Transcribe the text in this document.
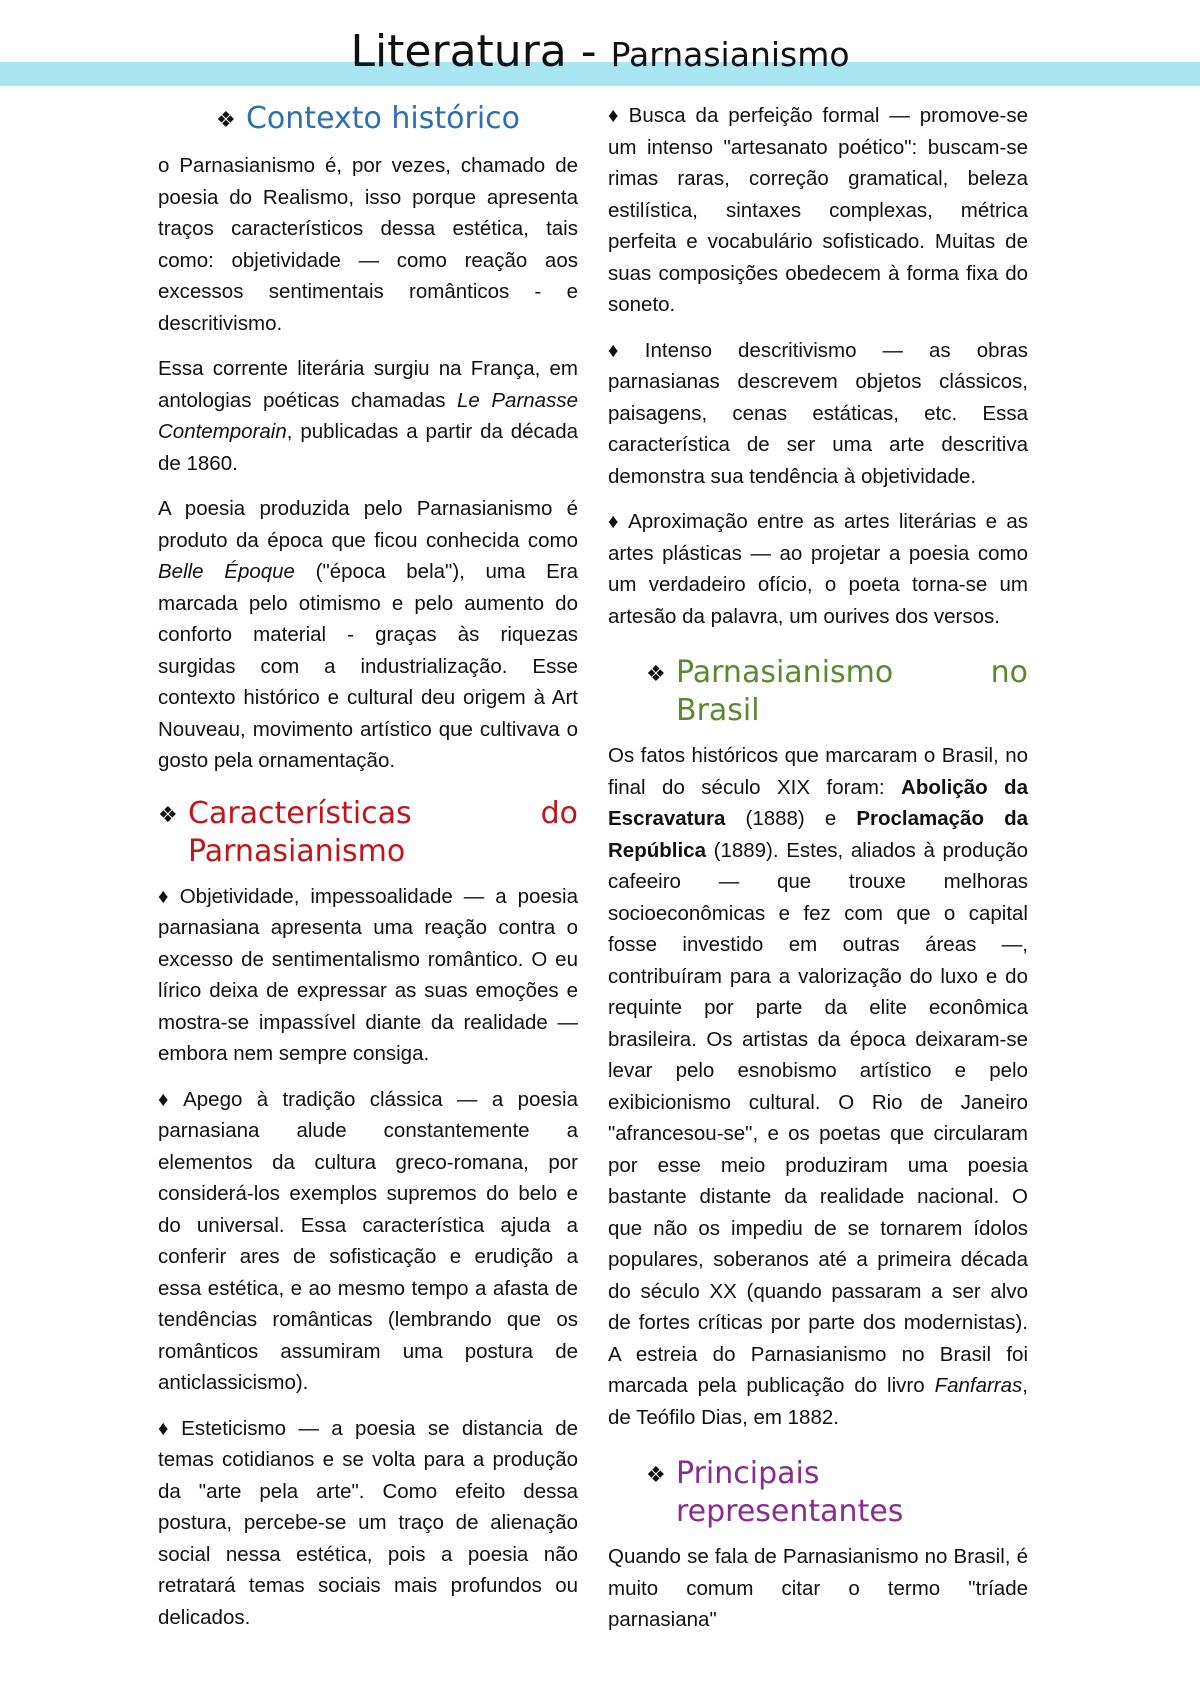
Literatura - Parnasianismo
❖ Contexto histórico

o Parnasianismo é, por vezes, chamado de poesia do Realismo, isso porque apresenta traços característicos dessa estética, tais como: objetividade — como reação aos excessos sentimentais românticos - e descritivismo.

Essa corrente literária surgiu na França, em antologias poéticas chamadas Le Parnasse Contemporain, publicadas a partir da década de 1860.

A poesia produzida pelo Parnasianismo é produto da época que ficou conhecida como Belle Époque ("época bela"), uma Era marcada pelo otimismo e pelo aumento do conforto material - graças às riquezas surgidas com a industrialização. Esse contexto histórico e cultural deu origem à Art Nouveau, movimento artístico que cultivava o gosto pela ornamentação.

❖ Características do
Parnasianismo

♦ Objetividade, impessoalidade — a poesia parnasiana apresenta uma reação contra o excesso de sentimentalismo romântico. O eu lírico deixa de expressar as suas emoções e mostra-se impassível diante da realidade — embora nem sempre consiga.

♦ Apego à tradição clássica — a poesia parnasiana alude constantemente a elementos da cultura greco-romana, por considerá-los exemplos supremos do belo e do universal. Essa característica ajuda a conferir ares de sofisticação e erudição a essa estética, e ao mesmo tempo a afasta de tendências românticas (lembrando que os românticos assumiram uma postura de anticlassicismo).

♦ Esteticismo — a poesia se distancia de temas cotidianos e se volta para a produção da "arte pela arte". Como efeito dessa postura, percebe-se um traço de alienação social nessa estética, pois a poesia não retratará temas sociais mais profundos ou delicados.

♦ Busca da perfeição formal — promove-se um intenso "artesanato poético": buscam-se rimas raras, correção gramatical, beleza estilística, sintaxes complexas, métrica perfeita e vocabulário sofisticado. Muitas de suas composições obedecem à forma fixa do soneto.

♦ Intenso descritivismo — as obras parnasianas descrevem objetos clássicos, paisagens, cenas estáticas, etc. Essa característica de ser uma arte descritiva demonstra sua tendência à objetividade.

♦ Aproximação entre as artes literárias e as artes plásticas — ao projetar a poesia como um verdadeiro ofício, o poeta torna-se um artesão da palavra, um ourives dos versos.

❖ Parnasianismo no
Brasil

Os fatos históricos que marcaram o Brasil, no final do século XIX foram: Abolição da Escravatura (1888) e Proclamação da República (1889). Estes, aliados à produção cafeeiro — que trouxe melhoras socioeconômicas e fez com que o capital fosse investido em outras áreas —, contribuíram para a valorização do luxo e do requinte por parte da elite econômica brasileira. Os artistas da época deixaram-se levar pelo esnobismo artístico e pelo exibicionismo cultural. O Rio de Janeiro "afrancesou-se", e os poetas que circularam por esse meio produziram uma poesia bastante distante da realidade nacional. O que não os impediu de se tornarem ídolos populares, soberanos até a primeira década do século XX (quando passaram a ser alvo de fortes críticas por parte dos modernistas). A estreia do Parnasianismo no Brasil foi marcada pela publicação do livro Fanfarras, de Teófilo Dias, em 1882.

❖ Principais
representantes

Quando se fala de Parnasianismo no Brasil, é muito comum citar o termo "tríade parnasiana"
